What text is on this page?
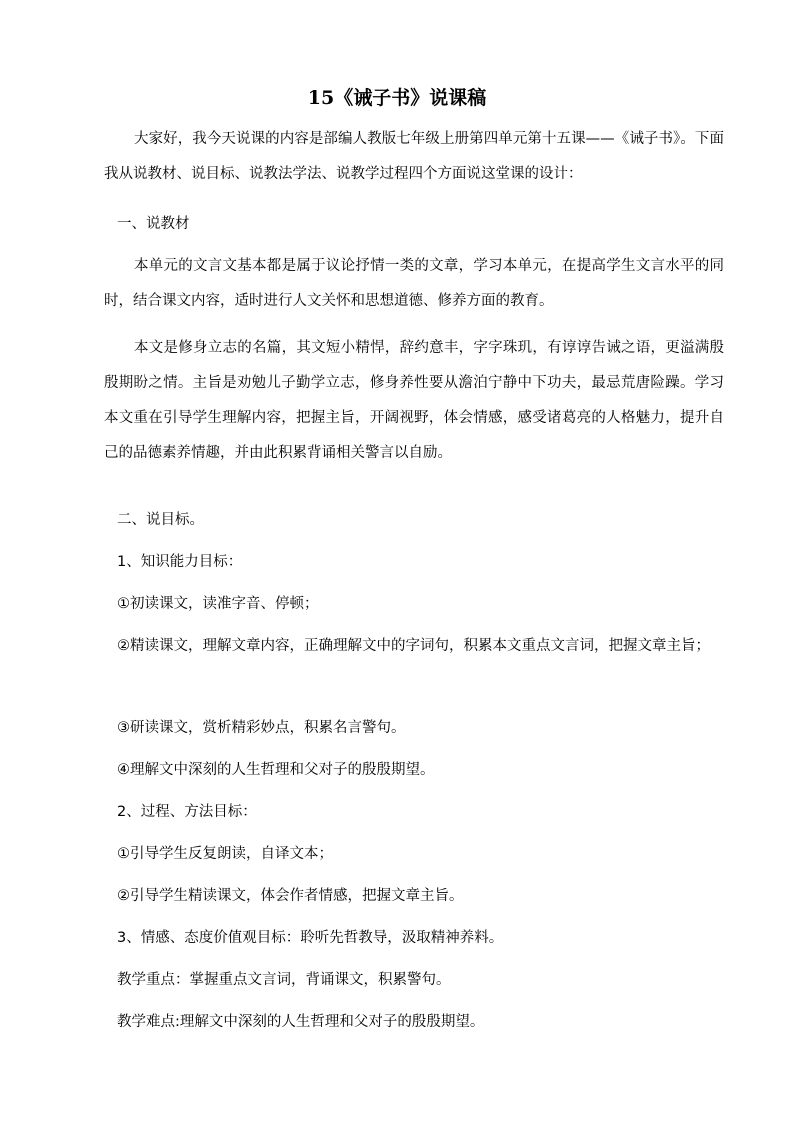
15《诫子书》说课稿

大家好，我今天说课的内容是部编人教版七年级上册第四单元第十五课——《诫子书》。下面我从说教材、说目标、说教法学法、说教学过程四个方面说这堂课的设计：

一、说教材

本单元的文言文基本都是属于议论抒情一类的文章，学习本单元，在提高学生文言水平的同时，结合课文内容，适时进行人文关怀和思想道德、修养方面的教育。

本文是修身立志的名篇，其文短小精悍，辞约意丰，字字珠玑，有谆谆告诫之语，更溢满殷殷期盼之情。主旨是劝勉儿子勤学立志，修身养性要从澹泊宁静中下功夫，最忌荒唐险躁。学习本文重在引导学生理解内容，把握主旨，开阔视野，体会情感，感受诸葛亮的人格魅力，提升自己的品德素养情趣，并由此积累背诵相关警言以自励。

二、说目标。

1、知识能力目标：

①初读课文，读准字音、停顿；

②精读课文，理解文章内容，正确理解文中的字词句，积累本文重点文言词，把握文章主旨；

③研读课文，赏析精彩妙点，积累名言警句。

④理解文中深刻的人生哲理和父对子的殷殷期望。

2、过程、方法目标：

①引导学生反复朗读，自译文本；

②引导学生精读课文，体会作者情感，把握文章主旨。

3、情感、态度价值观目标：聆听先哲教导，汲取精神养料。

教学重点：掌握重点文言词，背诵课文，积累警句。

教学难点:理解文中深刻的人生哲理和父对子的殷殷期望。
